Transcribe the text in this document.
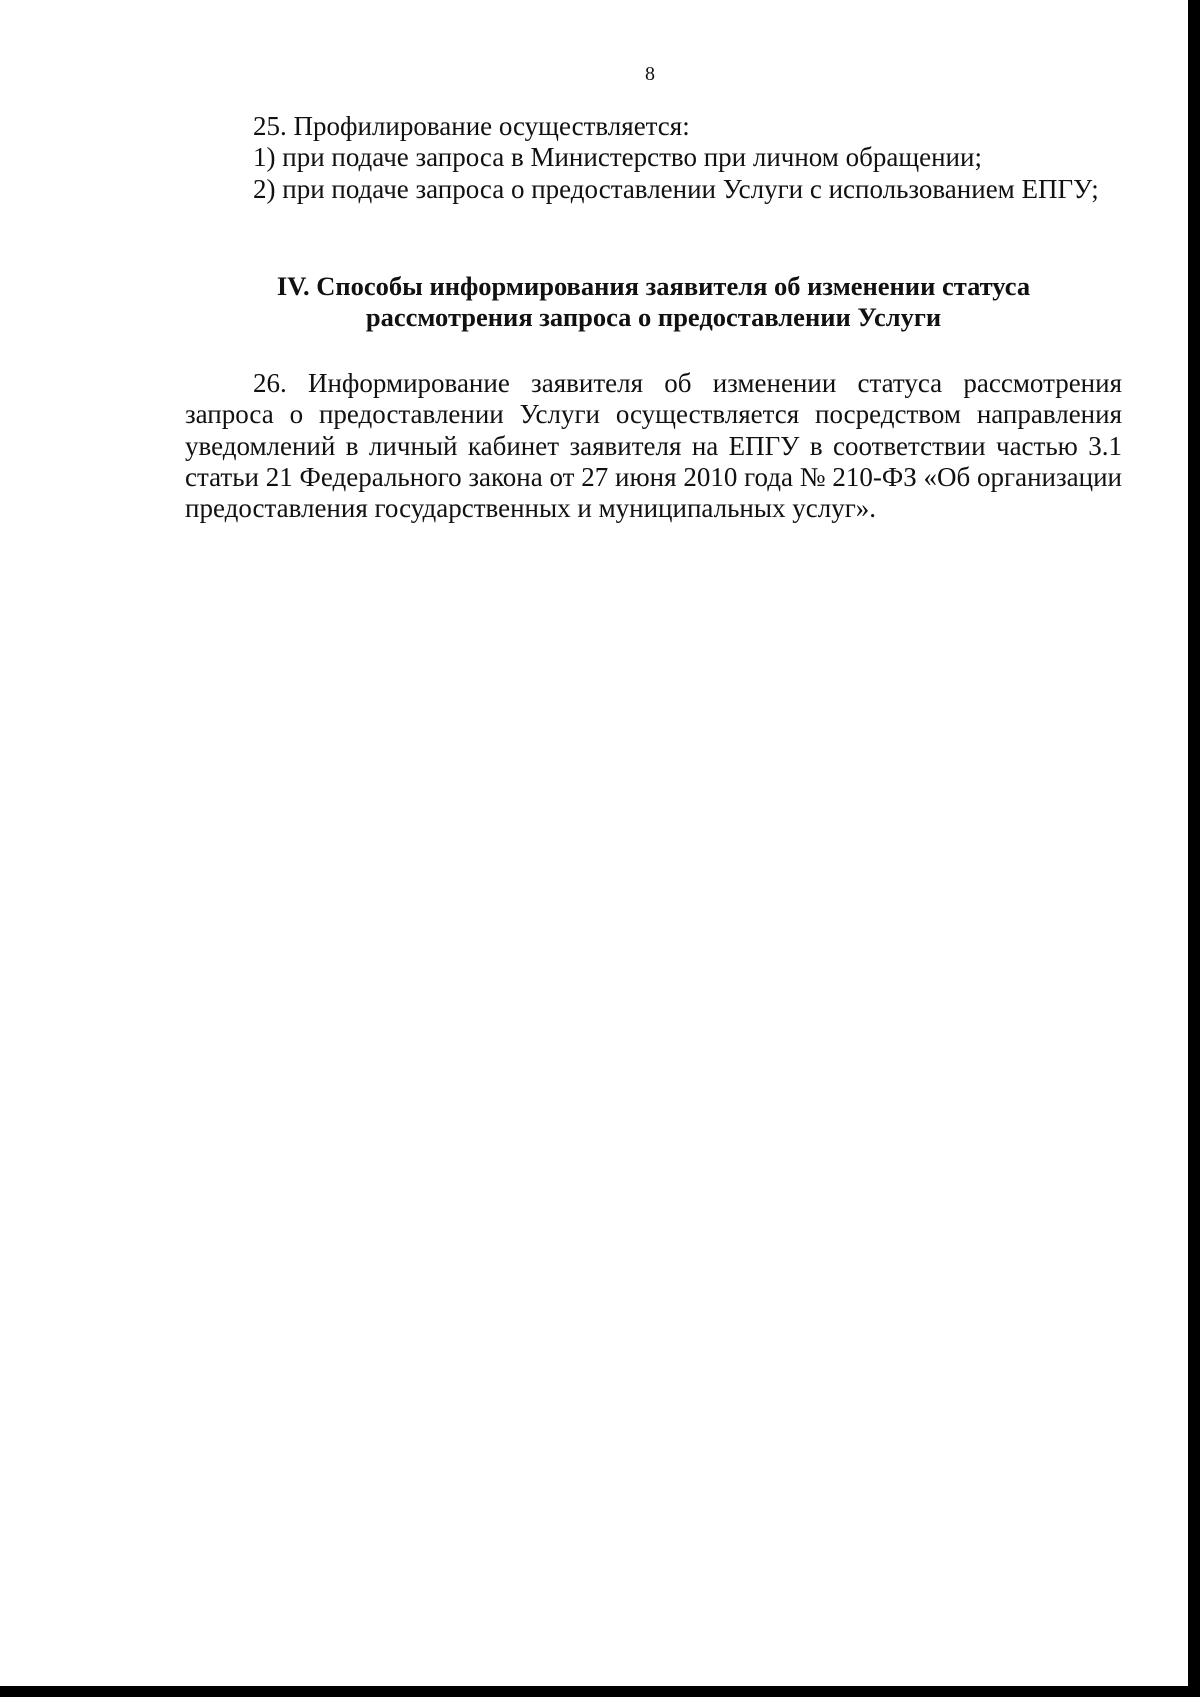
8

25. Профилирование осуществляется:

1) при подаче запроса в Министерство при личном обращении;

2) при подаче запроса о предоставлении Услуги с использованием ЕПГУ;

IV. Способы информирования заявителя об изменении статуса
рассмотрения запроса о предоставлении Услуги

26. Информирование заявителя об изменении статуса рассмотрения запроса о предоставлении Услуги осуществляется посредством направления уведомлений в личный кабинет заявителя на ЕПГУ в соответствии частью 3.1 статьи 21 Федерального закона от 27 июня 2010 года № 210-ФЗ «Об организации предоставления государственных и муниципальных услуг».
